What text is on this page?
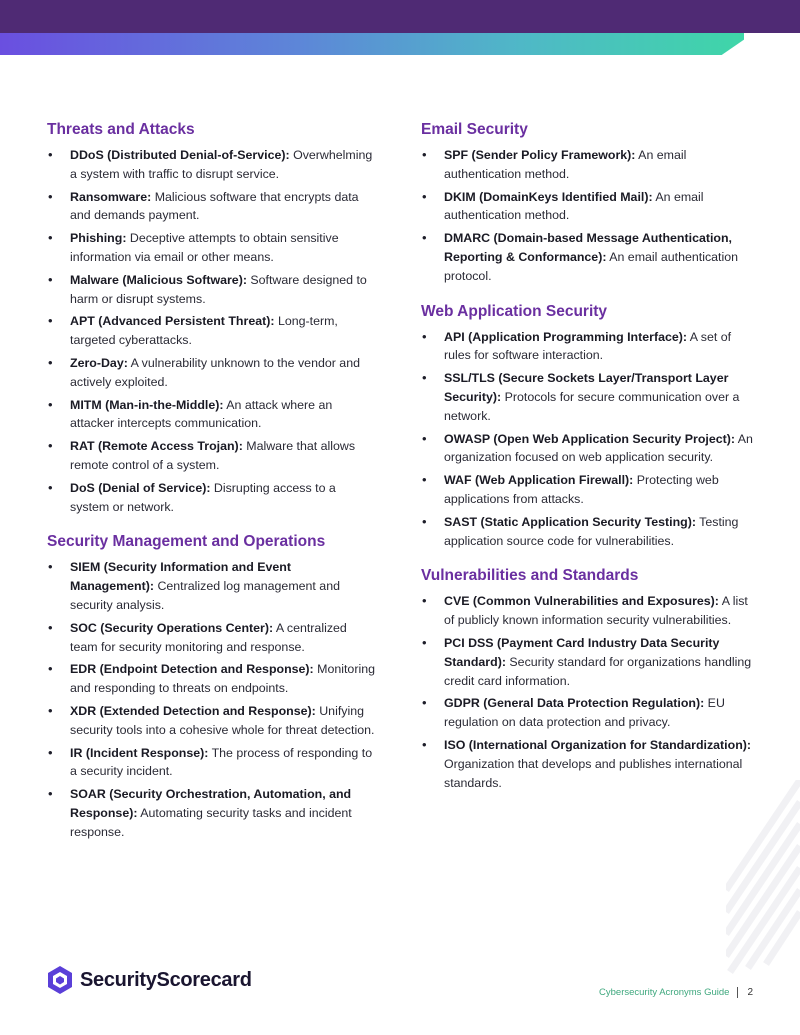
Threats and Attacks
• DDoS (Distributed Denial-of-Service): Overwhelming a system with traffic to disrupt service.
• Ransomware: Malicious software that encrypts data and demands payment.
• Phishing: Deceptive attempts to obtain sensitive information via email or other means.
• Malware (Malicious Software): Software designed to harm or disrupt systems.
• APT (Advanced Persistent Threat): Long-term, targeted cyberattacks.
• Zero-Day: A vulnerability unknown to the vendor and actively exploited.
• MITM (Man-in-the-Middle): An attack where an attacker intercepts communication.
• RAT (Remote Access Trojan): Malware that allows remote control of a system.
• DoS (Denial of Service): Disrupting access to a system or network.
Security Management and Operations
• SIEM (Security Information and Event Management): Centralized log management and security analysis.
• SOC (Security Operations Center): A centralized team for security monitoring and response.
• EDR (Endpoint Detection and Response): Monitoring and responding to threats on endpoints.
• XDR (Extended Detection and Response): Unifying security tools into a cohesive whole for threat detection.
• IR (Incident Response): The process of responding to a security incident.
• SOAR (Security Orchestration, Automation, and Response): Automating security tasks and incident response.
Email Security
• SPF (Sender Policy Framework): An email authentication method.
• DKIM (DomainKeys Identified Mail): An email authentication method.
• DMARC (Domain-based Message Authentication, Reporting & Conformance): An email authentication protocol.
Web Application Security
• API (Application Programming Interface): A set of rules for software interaction.
• SSL/TLS (Secure Sockets Layer/Transport Layer Security): Protocols for secure communication over a network.
• OWASP (Open Web Application Security Project): An organization focused on web application security.
• WAF (Web Application Firewall): Protecting web applications from attacks.
• SAST (Static Application Security Testing): Testing application source code for vulnerabilities.
Vulnerabilities and Standards
• CVE (Common Vulnerabilities and Exposures): A list of publicly known information security vulnerabilities.
• PCI DSS (Payment Card Industry Data Security Standard): Security standard for organizations handling credit card information.
• GDPR (General Data Protection Regulation): EU regulation on data protection and privacy.
• ISO (International Organization for Standardization): Organization that develops and publishes international standards.
SecurityScorecard
Cybersecurity Acronyms Guide 2
